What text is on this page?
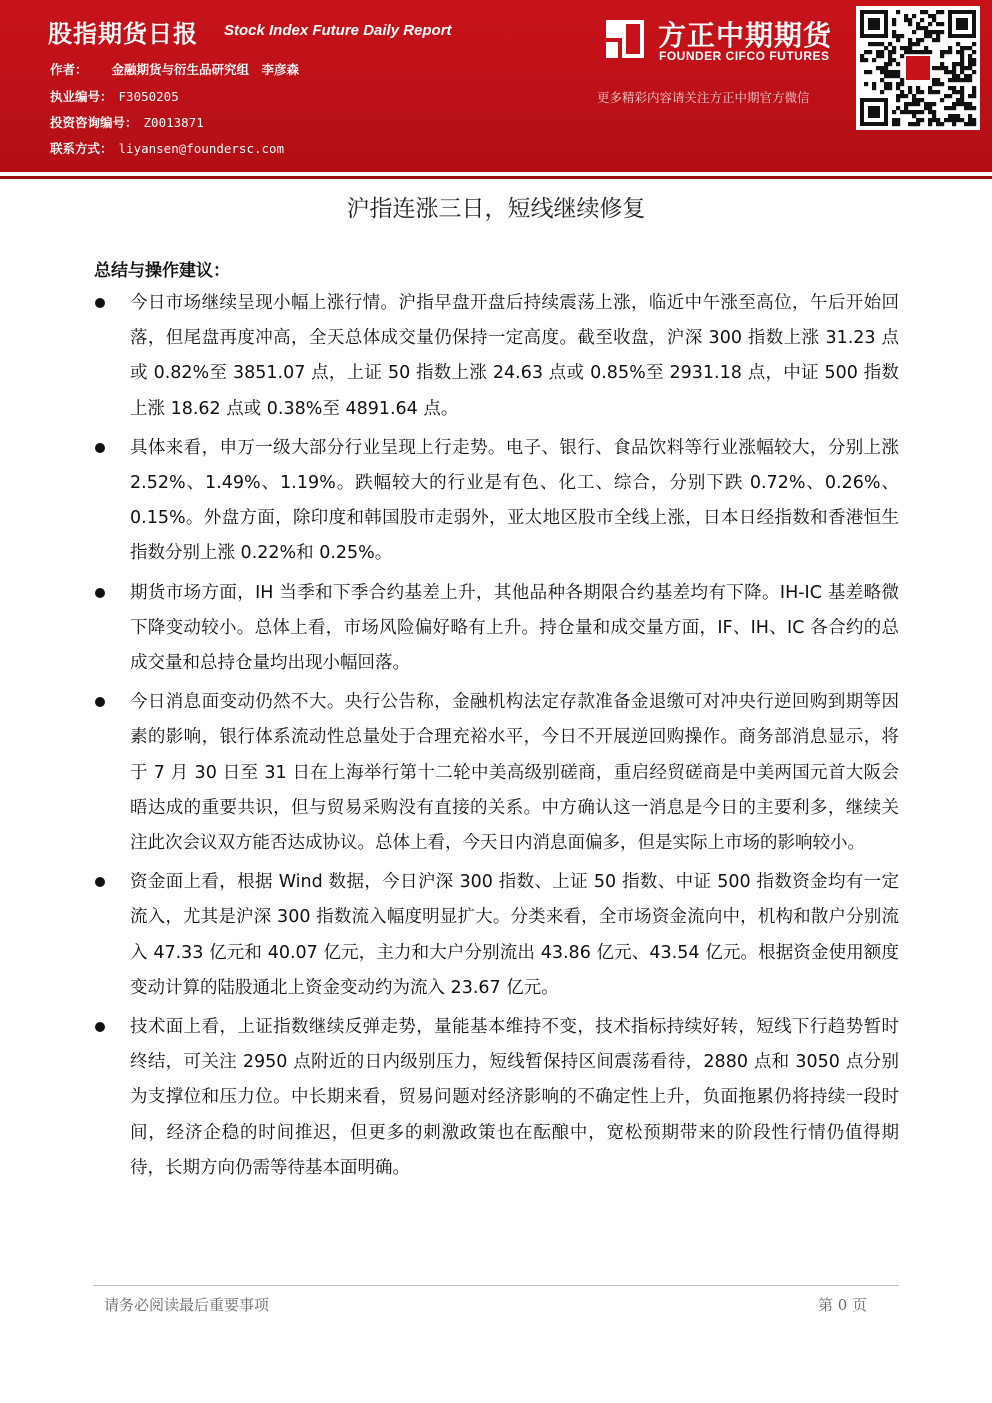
股指期货日报 Stock Index Future Daily Report
作者： 金融期货与衍生品研究组　李彦森
执业编号： F3050205
投资咨询编号： Z0013871
联系方式： liyansen@foundersc.com
方正中期期货
FOUNDER CIFCO FUTURES
更多精彩内容请关注方正中期官方微信
沪指连涨三日，短线继续修复
总结与操作建议：
今日市场继续呈现小幅上涨行情。沪指早盘开盘后持续震荡上涨，临近中午涨至高位，午后开始回落，但尾盘再度冲高，全天总体成交量仍保持一定高度。截至收盘，沪深 300 指数上涨 31.23 点或 0.82%至 3851.07 点，上证 50 指数上涨 24.63 点或 0.85%至 2931.18 点，中证 500 指数上涨 18.62 点或 0.38%至 4891.64 点。
具体来看，申万一级大部分行业呈现上行走势。电子、银行、食品饮料等行业涨幅较大，分别上涨 2.52%、1.49%、1.19%。跌幅较大的行业是有色、化工、综合，分别下跌 0.72%、0.26%、0.15%。外盘方面，除印度和韩国股市走弱外，亚太地区股市全线上涨，日本日经指数和香港恒生指数分别上涨 0.22%和 0.25%。
期货市场方面，IH 当季和下季合约基差上升，其他品种各期限合约基差均有下降。IH-IC 基差略微下降变动较小。总体上看，市场风险偏好略有上升。持仓量和成交量方面，IF、IH、IC 各合约的总成交量和总持仓量均出现小幅回落。
今日消息面变动仍然不大。央行公告称，金融机构法定存款准备金退缴可对冲央行逆回购到期等因素的影响，银行体系流动性总量处于合理充裕水平，今日不开展逆回购操作。商务部消息显示，将于 7 月 30 日至 31 日在上海举行第十二轮中美高级别磋商，重启经贸磋商是中美两国元首大阪会晤达成的重要共识，但与贸易采购没有直接的关系。中方确认这一消息是今日的主要利多，继续关注此次会议双方能否达成协议。总体上看，今天日内消息面偏多，但是实际上市场的影响较小。
资金面上看，根据 Wind 数据，今日沪深 300 指数、上证 50 指数、中证 500 指数资金均有一定流入，尤其是沪深 300 指数流入幅度明显扩大。分类来看，全市场资金流向中，机构和散户分别流入 47.33 亿元和 40.07 亿元，主力和大户分别流出 43.86 亿元、43.54 亿元。根据资金使用额度变动计算的陆股通北上资金变动约为流入 23.67 亿元。
技术面上看，上证指数继续反弹走势，量能基本维持不变，技术指标持续好转，短线下行趋势暂时终结，可关注 2950 点附近的日内级别压力，短线暂保持区间震荡看待，2880 点和 3050 点分别为支撑位和压力位。中长期来看，贸易问题对经济影响的不确定性上升，负面拖累仍将持续一段时间，经济企稳的时间推迟，但更多的刺激政策也在酝酿中，宽松预期带来的阶段性行情仍值得期待，长期方向仍需等待基本面明确。
请务必阅读最后重要事项	第 0 页
